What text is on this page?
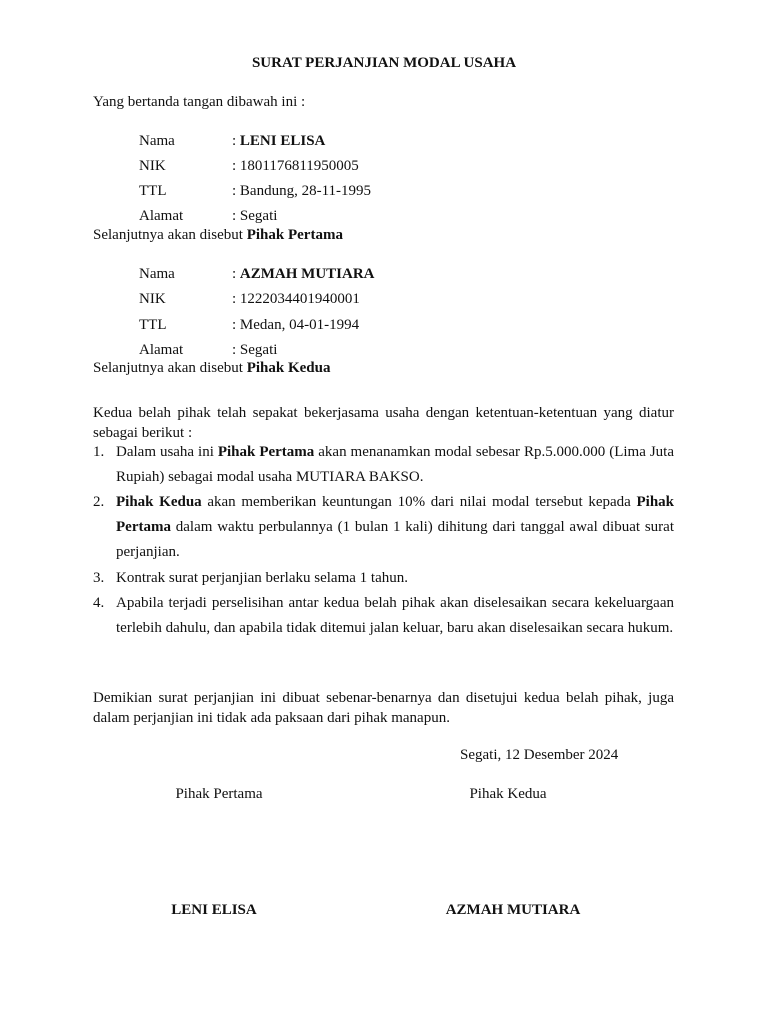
SURAT PERJANJIAN MODAL USAHA
Yang bertanda tangan dibawah ini :
Nama	: LENI ELISA
NIK	: 1801176811950005
TTL	: Bandung, 28-11-1995
Alamat	: Segati
Selanjutnya akan disebut Pihak Pertama
Nama	: AZMAH MUTIARA
NIK	: 1222034401940001
TTL	: Medan, 04-01-1994
Alamat	: Segati
Selanjutnya akan disebut Pihak Kedua
Kedua belah pihak telah sepakat bekerjasama usaha dengan ketentuan-ketentuan yang diatur sebagai berikut :
1. Dalam usaha ini Pihak Pertama akan menanamkan modal sebesar Rp.5.000.000 (Lima Juta Rupiah) sebagai modal usaha MUTIARA BAKSO.
2. Pihak Kedua akan memberikan keuntungan 10% dari nilai modal tersebut kepada Pihak Pertama dalam waktu perbulannya (1 bulan 1 kali) dihitung dari tanggal awal dibuat surat perjanjian.
3. Kontrak surat perjanjian berlaku selama 1 tahun.
4. Apabila terjadi perselisihan antar kedua belah pihak akan diselesaikan secara kekeluargaan terlebih dahulu, dan apabila tidak ditemui jalan keluar, baru akan diselesaikan secara hukum.
Demikian surat perjanjian ini dibuat sebenar-benarnya dan disetujui kedua belah pihak, juga dalam perjanjian ini tidak ada paksaan dari pihak manapun.
Segati, 12 Desember 2024
Pihak Pertama	Pihak Kedua
LENI ELISA	AZMAH MUTIARA
